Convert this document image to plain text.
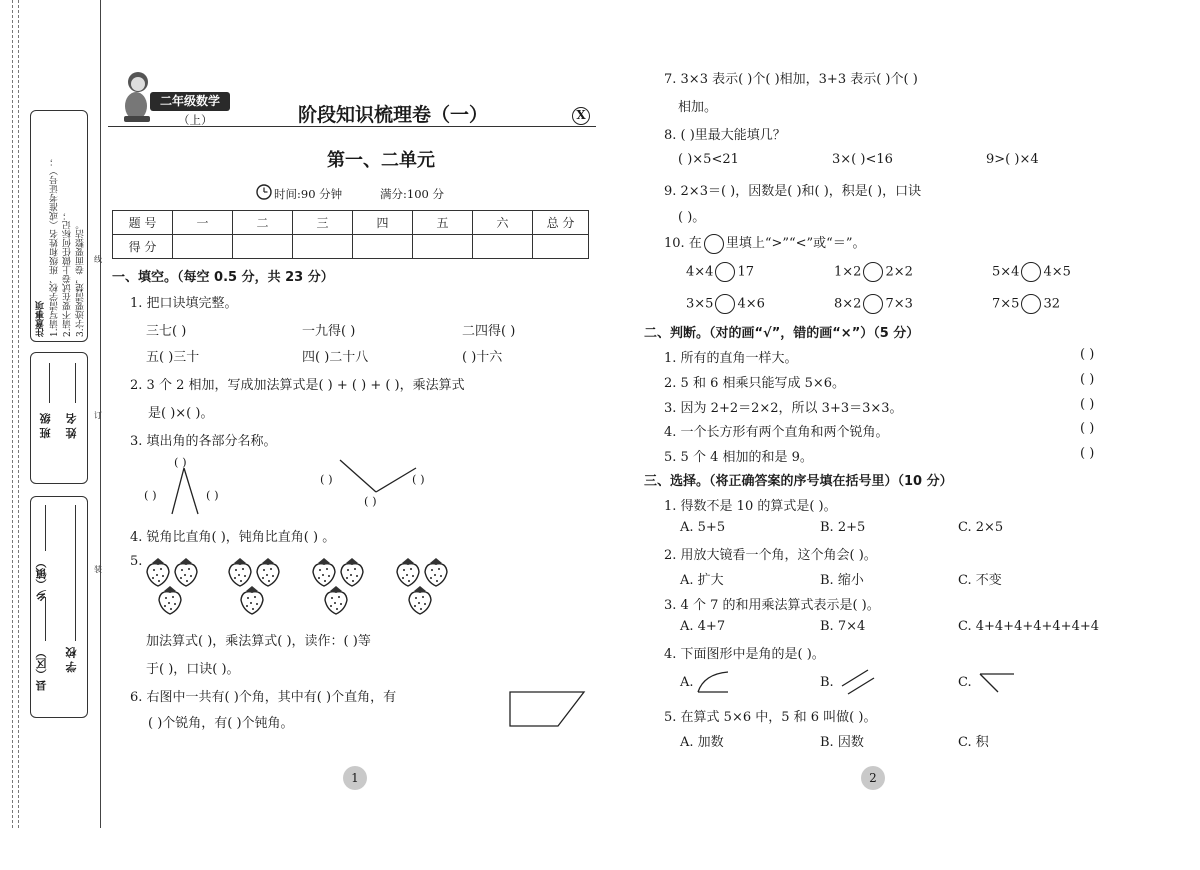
注意事项 1.请写清学校、班级和姓名（或准考证号）； 2.请不要在试卷上做任何标记； 3.字迹要清楚，卷面要整洁。
班 级 姓 名
县（区）
乡（镇）
学 校
线
订
装
二年级数学
（上）	阶段知识梳理卷（一）	X
第一、二单元
时间:90 分钟	满分:100 分
题 号	一	二	三	四	五	六	总 分
得 分							
一、填空。（每空 0.5 分，共 23 分）
1. 把口诀填完整。
三七( )	一九得( )	二四得( )
五( )三十	四( )二十八	( )十六
2. 3 个 2 相加，写成加法算式是( ) + ( ) + ( )，乘法算式
是( )×( )。
3. 填出角的各部分名称。
( )
( )	( )
( )	( )
( )
4. 锐角比直角( )，钝角比直角( ) 。
5.
加法算式( )，乘法算式( )，读作：( )等
于( )，口诀( )。
6. 右图中一共有( )个角，其中有( )个直角，有
( )个锐角，有( )个钝角。
1
7. 3×3 表示( )个( )相加，3+3 表示( )个( )
相加。
8. ( )里最大能填几？
( )×5<21	3×( )<16	9>( )×4
9. 2×3＝( )，因数是( )和( )，积是( )，口诀
( )。
10. 在 里填上“>”“<”或“＝”。
4×4 17	1×2 2×2	5×4 4×5
3×5 4×6	8×2 7×3	7×5 32
二、判断。（对的画“√”，错的画“×”）（5 分）
1. 所有的直角一样大。	( )
2. 5 和 6 相乘只能写成 5×6。	( )
3. 因为 2+2＝2×2，所以 3+3＝3×3。	( )
4. 一个长方形有两个直角和两个锐角。	( )
5. 5 个 4 相加的和是 9。	( )
三、选择。（将正确答案的序号填在括号里）（10 分）
1. 得数不是 10 的算式是( )。
A. 5+5	B. 2+5	C. 2×5
2. 用放大镜看一个角，这个角会( )。
A. 扩大	B. 缩小	C. 不变
3. 4 个 7 的和用乘法算式表示是( )。
A. 4+7	B. 7×4	C. 4+4+4+4+4+4+4
4. 下面图形中是角的是( )。
A.	B.	C.
5. 在算式 5×6 中，5 和 6 叫做( )。
A. 加数	B. 因数	C. 积
2
